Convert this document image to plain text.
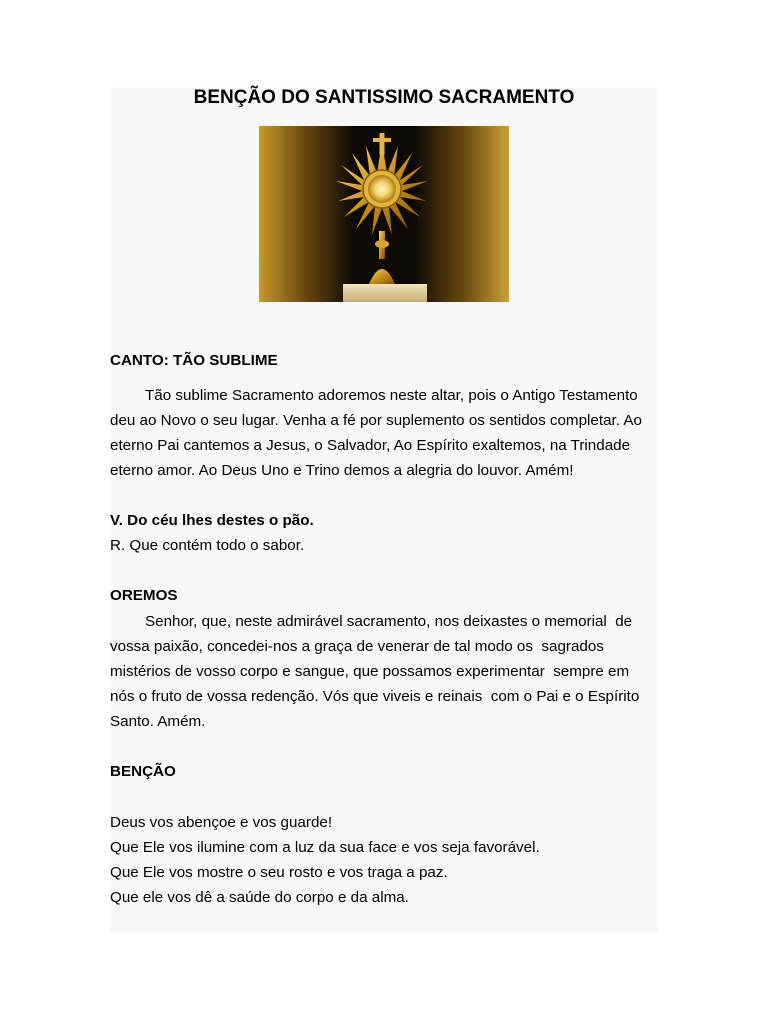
BENÇÃO DO SANTISSIMO SACRAMENTO

CANTO: TÃO SUBLIME

Tão sublime Sacramento adoremos neste altar, pois o Antigo Testamento
deu ao Novo o seu lugar. Venha a fé por suplemento os sentidos completar. Ao
eterno Pai cantemos a Jesus, o Salvador, Ao Espírito exaltemos, na Trindade
eterno amor. Ao Deus Uno e Trino demos a alegria do louvor. Amém!

V. Do céu lhes destes o pão.

R. Que contém todo o sabor.

OREMOS

Senhor, que, neste admirável sacramento, nos deixastes o memorial  de
vossa paixão, concedei-nos a graça de venerar de tal modo os  sagrados
mistérios de vosso corpo e sangue, que possamos experimentar  sempre em
nós o fruto de vossa redenção. Vós que viveis e reinais  com o Pai e o Espírito
Santo. Amém.

BENÇÃO

Deus vos abençoe e vos guarde!
Que Ele vos ilumine com a luz da sua face e vos seja favorável.
Que Ele vos mostre o seu rosto e vos traga a paz.
Que ele vos dê a saúde do corpo e da alma.
